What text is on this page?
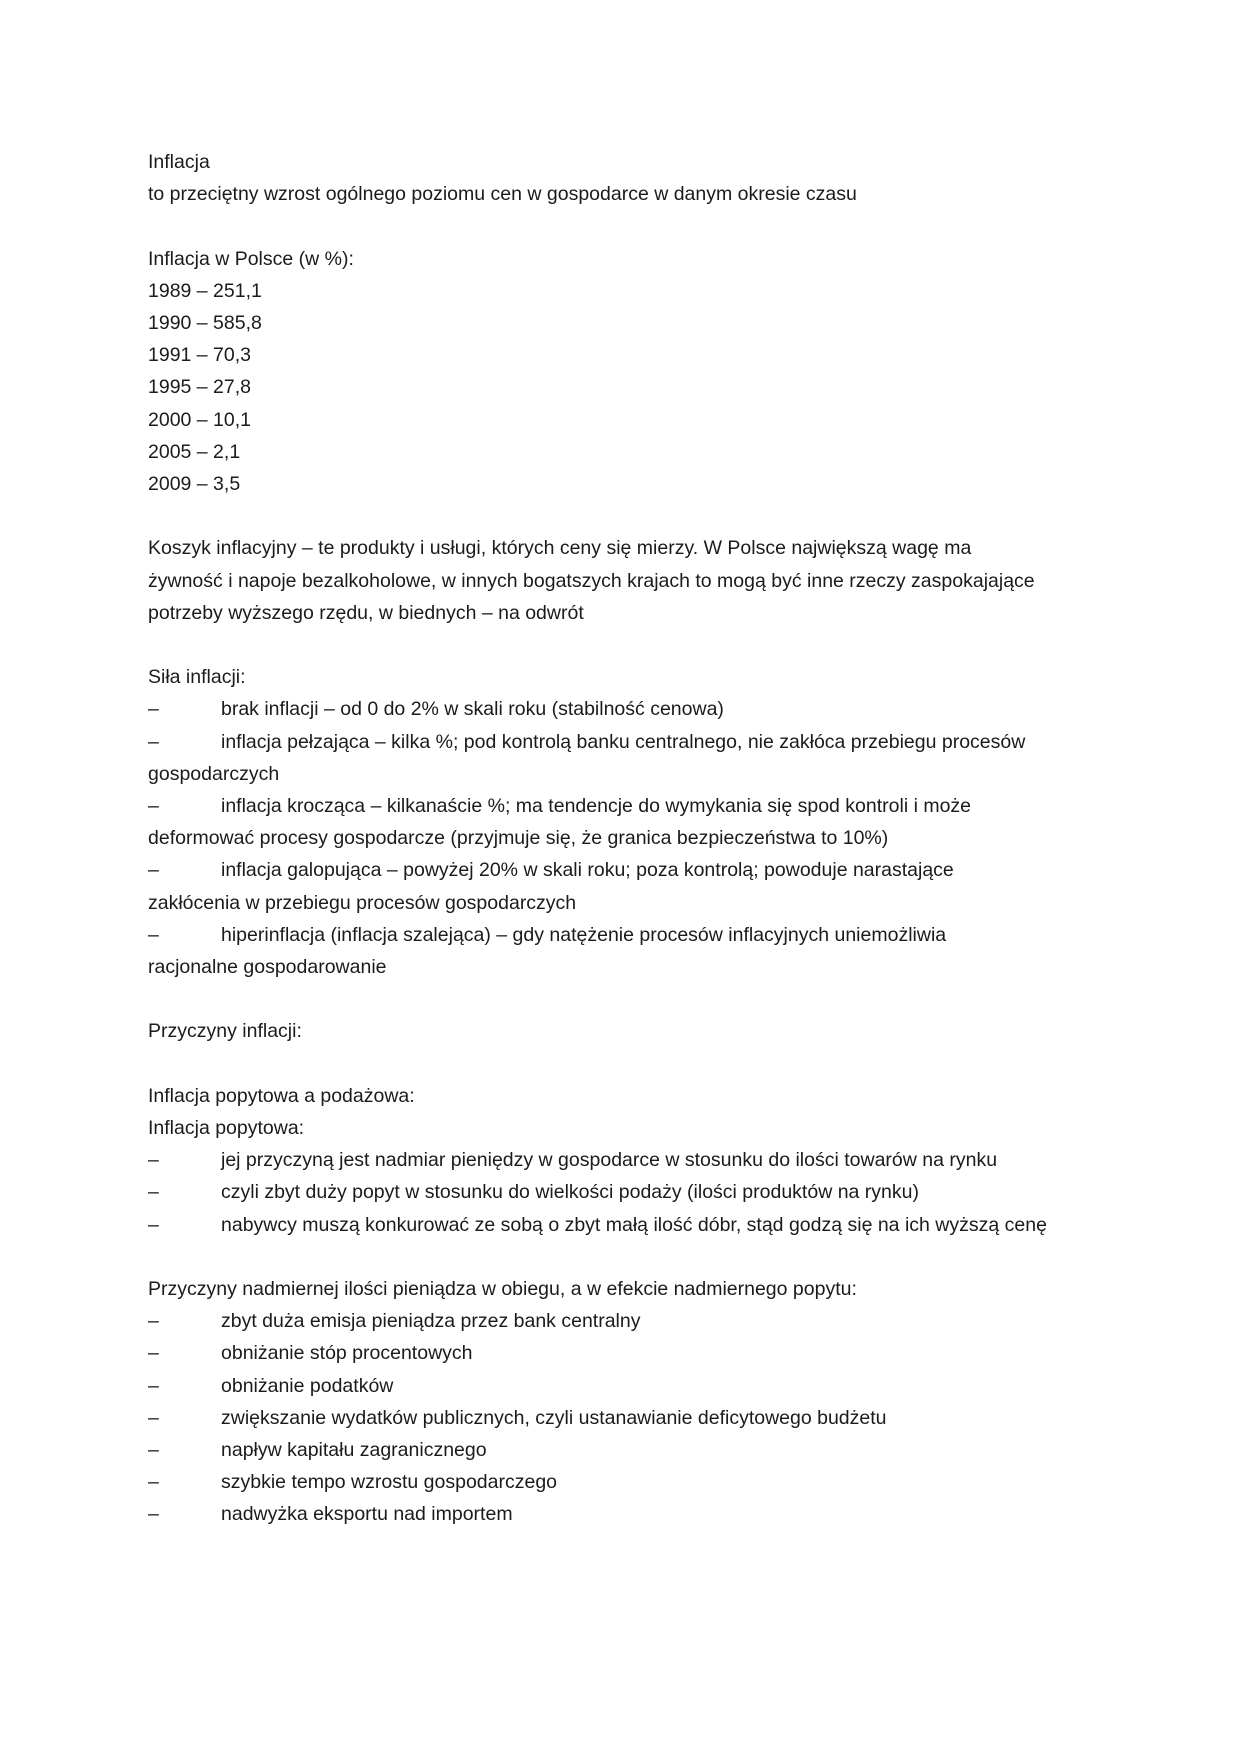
Inflacja
to przeciętny wzrost ogólnego poziomu cen w gospodarce w danym okresie czasu
Inflacja w Polsce (w %):
1989 – 251,1
1990 – 585,8
1991 – 70,3
1995 – 27,8
2000 – 10,1
2005 – 2,1
2009 – 3,5
Koszyk inflacyjny – te produkty i usługi, których ceny się mierzy. W Polsce największą wagę ma
żywność i napoje bezalkoholowe, w innych bogatszych krajach to mogą być inne rzeczy zaspokajające
potrzeby wyższego rzędu, w biednych – na odwrót
Siła inflacji:
–	brak inflacji – od 0 do 2% w skali roku (stabilność cenowa)
–	inflacja pełzająca – kilka %; pod kontrolą banku centralnego, nie zakłóca przebiegu procesów
gospodarczych
–	inflacja krocząca – kilkanaście %; ma tendencje do wymykania się spod kontroli i może
deformować procesy gospodarcze (przyjmuje się, że granica bezpieczeństwa to 10%)
–	inflacja galopująca – powyżej 20% w skali roku; poza kontrolą; powoduje narastające
zakłócenia w przebiegu procesów gospodarczych
–	hiperinflacja (inflacja szalejąca) – gdy natężenie procesów inflacyjnych uniemożliwia
racjonalne gospodarowanie
Przyczyny inflacji:
Inflacja popytowa a podażowa:
Inflacja popytowa:
–	jej przyczyną jest nadmiar pieniędzy w gospodarce w stosunku do ilości towarów na rynku
–	czyli zbyt duży popyt w stosunku do wielkości podaży (ilości produktów na rynku)
–	nabywcy muszą konkurować ze sobą o zbyt małą ilość dóbr, stąd godzą się na ich wyższą cenę
Przyczyny nadmiernej ilości pieniądza w obiegu, a w efekcie nadmiernego popytu:
–	zbyt duża emisja pieniądza przez bank centralny
–	obniżanie stóp procentowych
–	obniżanie podatków
–	zwiększanie wydatków publicznych, czyli ustanawianie deficytowego budżetu
–	napływ kapitału zagranicznego
–	szybkie tempo wzrostu gospodarczego
–	nadwyżka eksportu nad importem
